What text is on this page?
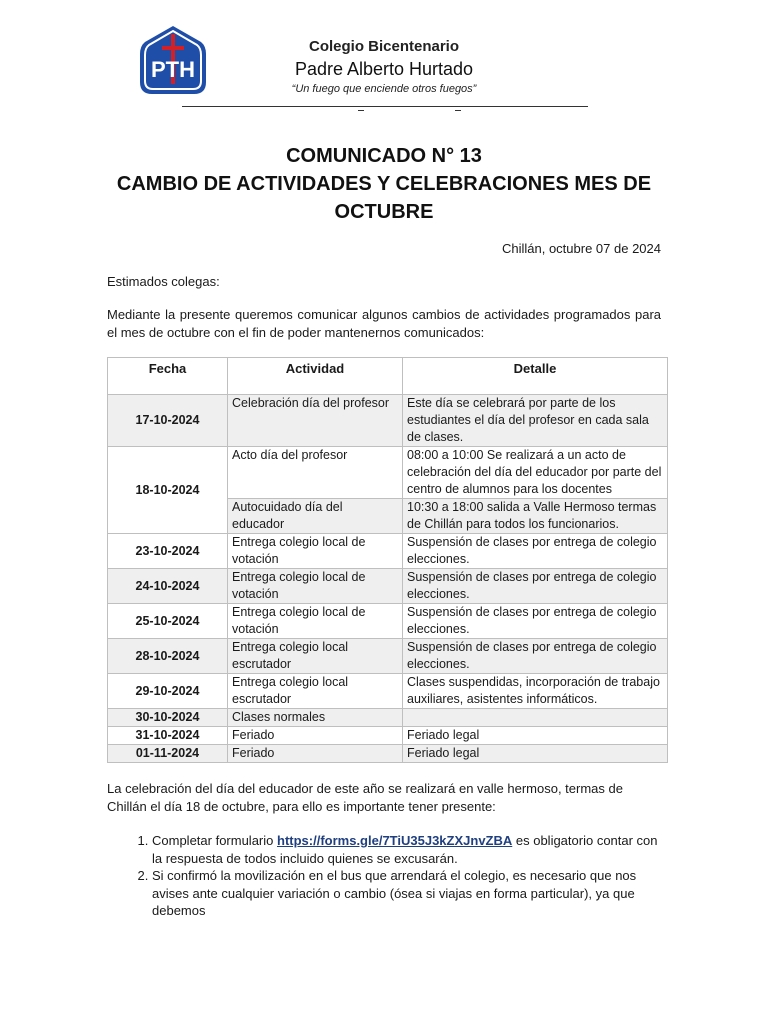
PTH

Colegio Bicentenario

Padre Alberto Hurtado

“Un fuego que enciende otros fuegos”

COMUNICADO N° 13
CAMBIO DE ACTIVIDADES Y CELEBRACIONES MES DE
OCTUBRE
Chillán, octubre 07 de 2024
Estimados colegas:
Mediante la presente queremos comunicar algunos cambios de actividades programados para el mes de octubre con el fin de poder mantenernos comunicados:
Fecha	Actividad	Detalle
17-10-2024	Celebración día del profesor	Este día se celebrará por parte de los estudiantes el día del profesor en cada sala de clases.
18-10-2024	Acto día del profesor	08:00 a 10:00 Se realizará a un acto de celebración del día del educador por parte del centro de alumnos para los docentes
	Autocuidado día del educador	10:30 a 18:00 salida a Valle Hermoso termas de Chillán para todos los funcionarios.
23-10-2024	Entrega colegio local de votación	Suspensión de clases por entrega de colegio elecciones.
24-10-2024	Entrega colegio local de votación	Suspensión de clases por entrega de colegio elecciones.
25-10-2024	Entrega colegio local de votación	Suspensión de clases por entrega de colegio elecciones.
28-10-2024	Entrega colegio local escrutador	Suspensión de clases por entrega de colegio elecciones.
29-10-2024	Entrega colegio local escrutador	Clases suspendidas, incorporación de trabajo auxiliares, asistentes informáticos.
30-10-2024	Clases normales	
31-10-2024	Feriado	Feriado legal
01-11-2024	Feriado	Feriado legal
La celebración del día del educador de este año se realizará en valle hermoso, termas de Chillán el día 18 de octubre, para ello es importante tener presente:
1. Completar formulario https://forms.gle/7TiU35J3kZXJnvZBA es obligatorio contar con la respuesta de todos incluido quienes se excusarán.
2. Si confirmó la movilización en el bus que arrendará el colegio, es necesario que nos avises ante cualquier variación o cambio (ósea si viajas en forma particular), ya que debemos
